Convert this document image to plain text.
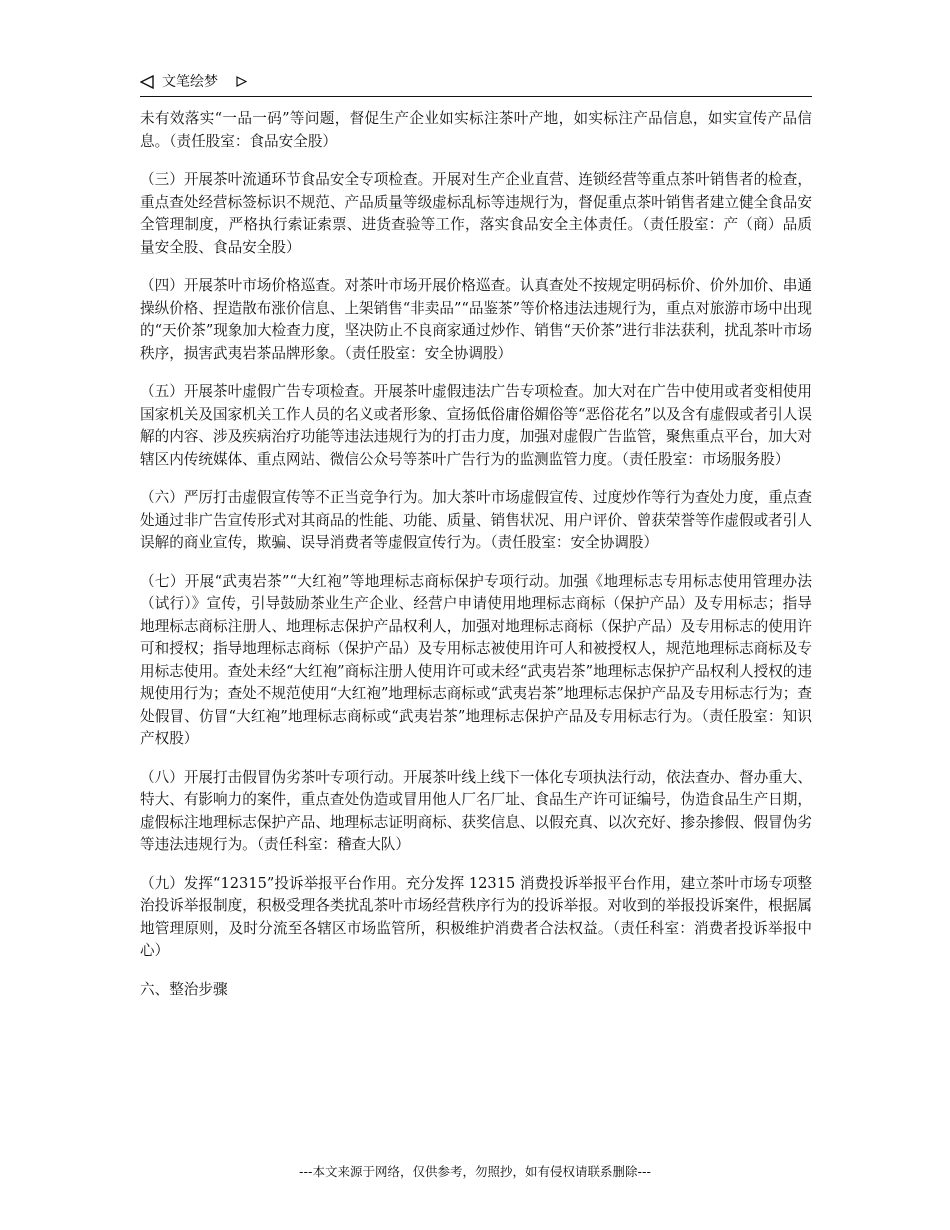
文笔绘梦

未有效落实“一品一码”等问题，督促生产企业如实标注茶叶产地，如实标注产品信息，如实宣传产品信息。（责任股室：食品安全股）

（三）开展茶叶流通环节食品安全专项检查。开展对生产企业直营、连锁经营等重点茶叶销售者的检查，重点查处经营标签标识不规范、产品质量等级虚标乱标等违规行为，督促重点茶叶销售者建立健全食品安全管理制度，严格执行索证索票、进货查验等工作，落实食品安全主体责任。（责任股室：产（商）品质量安全股、食品安全股）

（四）开展茶叶市场价格巡查。对茶叶市场开展价格巡查。认真查处不按规定明码标价、价外加价、串通操纵价格、捏造散布涨价信息、上架销售“非卖品”“品鉴茶”等价格违法违规行为，重点对旅游市场中出现的“天价茶”现象加大检查力度，坚决防止不良商家通过炒作、销售“天价茶”进行非法获利，扰乱茶叶市场秩序，损害武夷岩茶品牌形象。（责任股室：安全协调股）

（五）开展茶叶虚假广告专项检查。开展茶叶虚假违法广告专项检查。加大对在广告中使用或者变相使用国家机关及国家机关工作人员的名义或者形象、宣扬低俗庸俗媚俗等“恶俗花名”以及含有虚假或者引人误解的内容、涉及疾病治疗功能等违法违规行为的打击力度，加强对虚假广告监管，聚焦重点平台，加大对辖区内传统媒体、重点网站、微信公众号等茶叶广告行为的监测监管力度。（责任股室：市场服务股）

（六）严厉打击虚假宣传等不正当竞争行为。加大茶叶市场虚假宣传、过度炒作等行为查处力度，重点查处通过非广告宣传形式对其商品的性能、功能、质量、销售状况、用户评价、曾获荣誉等作虚假或者引人误解的商业宣传，欺骗、误导消费者等虚假宣传行为。（责任股室：安全协调股）

（七）开展“武夷岩茶”“大红袍”等地理标志商标保护专项行动。加强《地理标志专用标志使用管理办法（试行）》宣传，引导鼓励茶业生产企业、经营户申请使用地理标志商标（保护产品）及专用标志；指导地理标志商标注册人、地理标志保护产品权利人，加强对地理标志商标（保护产品）及专用标志的使用许可和授权；指导地理标志商标（保护产品）及专用标志被使用许可人和被授权人，规范地理标志商标及专用标志使用。查处未经“大红袍”商标注册人使用许可或未经“武夷岩茶”地理标志保护产品权利人授权的违规使用行为；查处不规范使用“大红袍”地理标志商标或“武夷岩茶”地理标志保护产品及专用标志行为；查处假冒、仿冒“大红袍”地理标志商标或“武夷岩茶”地理标志保护产品及专用标志行为。（责任股室：知识产权股）

（八）开展打击假冒伪劣茶叶专项行动。开展茶叶线上线下一体化专项执法行动，依法查办、督办重大、特大、有影响力的案件，重点查处伪造或冒用他人厂名厂址、食品生产许可证编号，伪造食品生产日期，虚假标注地理标志保护产品、地理标志证明商标、获奖信息、以假充真、以次充好、掺杂掺假、假冒伪劣等违法违规行为。（责任科室：稽查大队）

（九）发挥“12315”投诉举报平台作用。充分发挥 12315 消费投诉举报平台作用，建立茶叶市场专项整治投诉举报制度，积极受理各类扰乱茶叶市场经营秩序行为的投诉举报。对收到的举报投诉案件，根据属地管理原则，及时分流至各辖区市场监管所，积极维护消费者合法权益。（责任科室：消费者投诉举报中心）

六、整治步骤

---本文来源于网络，仅供参考，勿照抄，如有侵权请联系删除---
